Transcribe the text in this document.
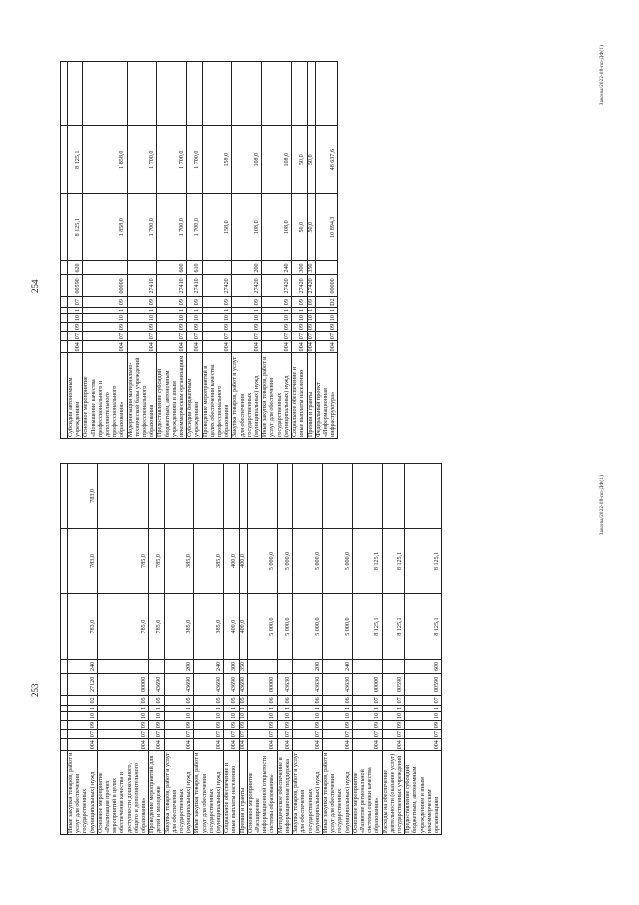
253
254

Иные закупки товаров, работ и услуг для обеспечения государственных (муниципальных) нужд	004	07	09	10	1	02	27120	240	783,0	783,0	783,0
Основное мероприятие «Реализация прочих мероприятий в целях обеспечения качества и доступности дошкольного, общего и дополнительного образования»	004	07	09	10	1	05	00000		785,0	785,0	
Проведение мероприятий для детей и молодежи	004	07	09	10	1	05	43690		785,0	785,0	
Закупка товаров, работ и услуг для обеспечения государственных (муниципальных) нужд	004	07	09	10	1	05	43690	200	385,0	385,0	
Иные закупки товаров, работ и услуг для обеспечения государственных (муниципальных) нужд	004	07	09	10	1	05	43690	240	385,0	385,0	
Социальное обеспечение и иные выплаты населению	004	07	09	10	1	05	43690	300	400,0	400,0	
Премии и гранты	004	07	09	10	1	05	43690	350	400,0	400,0	
Основное мероприятие «Расширение информационной открытости системы образования»	004	07	09	10	1	06	00000		5 000,0	5 000,0	
Методическое обеспечение и информационная поддержка	004	07	09	10	1	06	43630		5 000,0	5 000,0	
Закупка товаров, работ и услуг для обеспечения государственных (муниципальных) нужд	004	07	09	10	1	06	43630	200	5 000,0	5 000,0	
Иные закупки товаров, работ и услуг для обеспечения государственных (муниципальных) нужд	004	07	09	10	1	06	43630	240	5 000,0	5 000,0	
Основное мероприятие «Развитие региональной системы оценки качества образования»	004	07	09	10	1	07	00000		8 125,1	8 125,1	
Расходы на обеспечение деятельности (оказание услуг) государственных учреждений	004	07	09	10	1	07	00590		8 125,1	8 125,1	
Предоставление субсидий бюджетным, автономным учреждениям и иным некоммерческим организациям	004	07	09	10	1	07	00590	600	8 125,1	8 125,1	

Субсидии автономным учреждениям	004	07	09	10	1	07	00590	620	8 125,1	8 125,1	
Основное мероприятие «Повышение качества профессионального и дополнительного профессионального образования»	004	07	09	10	1	09	00000		1 858,0	1 858,0	
Модернизация материально-технической базы учреждений профессионального образования	004	07	09	10	1	09	27410		1 700,0	1 700,0	
Предоставление субсидий бюджетным, автономным учреждениям и иным некоммерческим организациям	004	07	09	10	1	09	27410	600	1 700,0	1 700,0	
Субсидии бюджетным учреждениям	004	07	09	10	1	09	27410	610	1 700,0	1 700,0	
Проведение мероприятий в целях обеспечения качества профессионального образования	004	07	09	10	1	09	27420		158,0	158,0	
Закупка товаров, работ и услуг для обеспечения государственных (муниципальных) нужд	004	07	09	10	1	09	27420	200	108,0	108,0	
Иные закупки товаров, работ и услуг для обеспечения государственных (муниципальных) нужд	004	07	09	10	1	09	27420	240	108,0	108,0	
Социальное обеспечение и иные выплаты населению	004	07	09	10	1	09	27420	300	50,0	50,0	
Премии и гранты	004	07	09	10	1	09	27420	350	50,0	50,0	
Федеральный проект «Информационная инфраструктура»	004	07	09	10	1	D2	00000		10 894,3	48 637,6	
Законы/2022-08-пп-ДФ(1)
Законы/2022-08-пп-ДФ(1)
